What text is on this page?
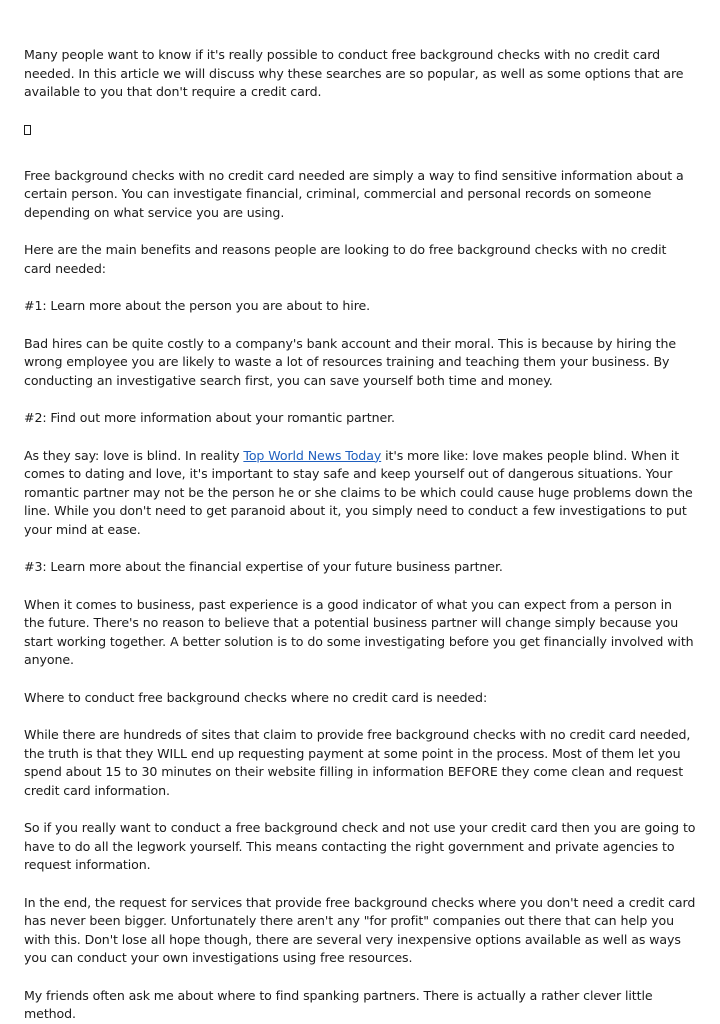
Many people want to know if it's really possible to conduct free background checks with no credit card needed. In this article we will discuss why these searches are so popular, as well as some options that are available to you that don't require a credit card.

Free background checks with no credit card needed are simply a way to find sensitive information about a certain person. You can investigate financial, criminal, commercial and personal records on someone depending on what service you are using.

Here are the main benefits and reasons people are looking to do free background checks with no credit card needed:

#1: Learn more about the person you are about to hire.

Bad hires can be quite costly to a company's bank account and their moral. This is because by hiring the wrong employee you are likely to waste a lot of resources training and teaching them your business. By conducting an investigative search first, you can save yourself both time and money.

#2: Find out more information about your romantic partner.

As they say: love is blind. In reality Top World News Today it's more like: love makes people blind. When it comes to dating and love, it's important to stay safe and keep yourself out of dangerous situations. Your romantic partner may not be the person he or she claims to be which could cause huge problems down the line. While you don't need to get paranoid about it, you simply need to conduct a few investigations to put your mind at ease.

#3: Learn more about the financial expertise of your future business partner.

When it comes to business, past experience is a good indicator of what you can expect from a person in the future. There's no reason to believe that a potential business partner will change simply because you start working together. A better solution is to do some investigating before you get financially involved with anyone.

Where to conduct free background checks where no credit card is needed:

While there are hundreds of sites that claim to provide free background checks with no credit card needed, the truth is that they WILL end up requesting payment at some point in the process. Most of them let you spend about 15 to 30 minutes on their website filling in information BEFORE they come clean and request credit card information.

So if you really want to conduct a free background check and not use your credit card then you are going to have to do all the legwork yourself. This means contacting the right government and private agencies to request information.

In the end, the request for services that provide free background checks where you don't need a credit card has never been bigger. Unfortunately there aren't any "for profit" companies out there that can help you with this. Don't lose all hope though, there are several very inexpensive options available as well as ways you can conduct your own investigations using free resources.

My friends often ask me about where to find spanking partners. There is actually a rather clever little method.
